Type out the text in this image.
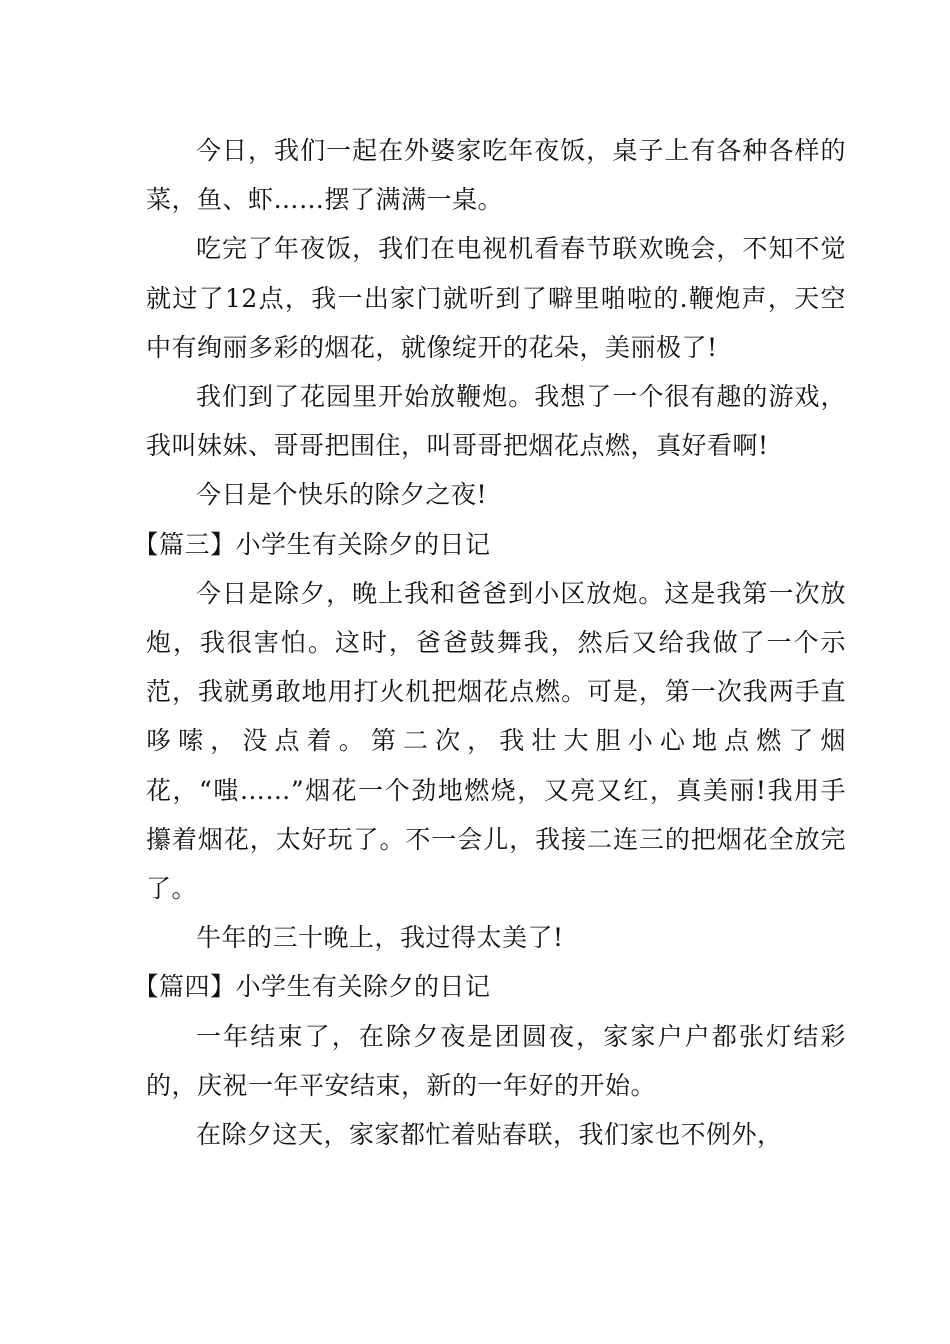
今日，我们一起在外婆家吃年夜饭，桌子上有各种各样的菜，鱼、虾……摆了满满一桌。

吃完了年夜饭，我们在电视机看春节联欢晚会，不知不觉就过了12点，我一出家门就听到了噼里啪啦的.鞭炮声，天空中有绚丽多彩的烟花，就像绽开的花朵，美丽极了!

我们到了花园里开始放鞭炮。我想了一个很有趣的游戏，我叫妹妹、哥哥把围住，叫哥哥把烟花点燃，真好看啊!

今日是个快乐的除夕之夜!

【篇三】小学生有关除夕的日记

今日是除夕，晚上我和爸爸到小区放炮。这是我第一次放炮，我很害怕。这时，爸爸鼓舞我，然后又给我做了一个示范，我就勇敢地用打火机把烟花点燃。可是，第一次我两手直哆嗦，没点着。第二次，我壮大胆小心地点燃了烟花，“嗤……”烟花一个劲地燃烧，又亮又红，真美丽!我用手攥着烟花，太好玩了。不一会儿，我接二连三的把烟花全放完了。

牛年的三十晚上，我过得太美了!

【篇四】小学生有关除夕的日记

一年结束了，在除夕夜是团圆夜，家家户户都张灯结彩的，庆祝一年平安结束，新的一年好的开始。

在除夕这天，家家都忙着贴春联，我们家也不例外，
